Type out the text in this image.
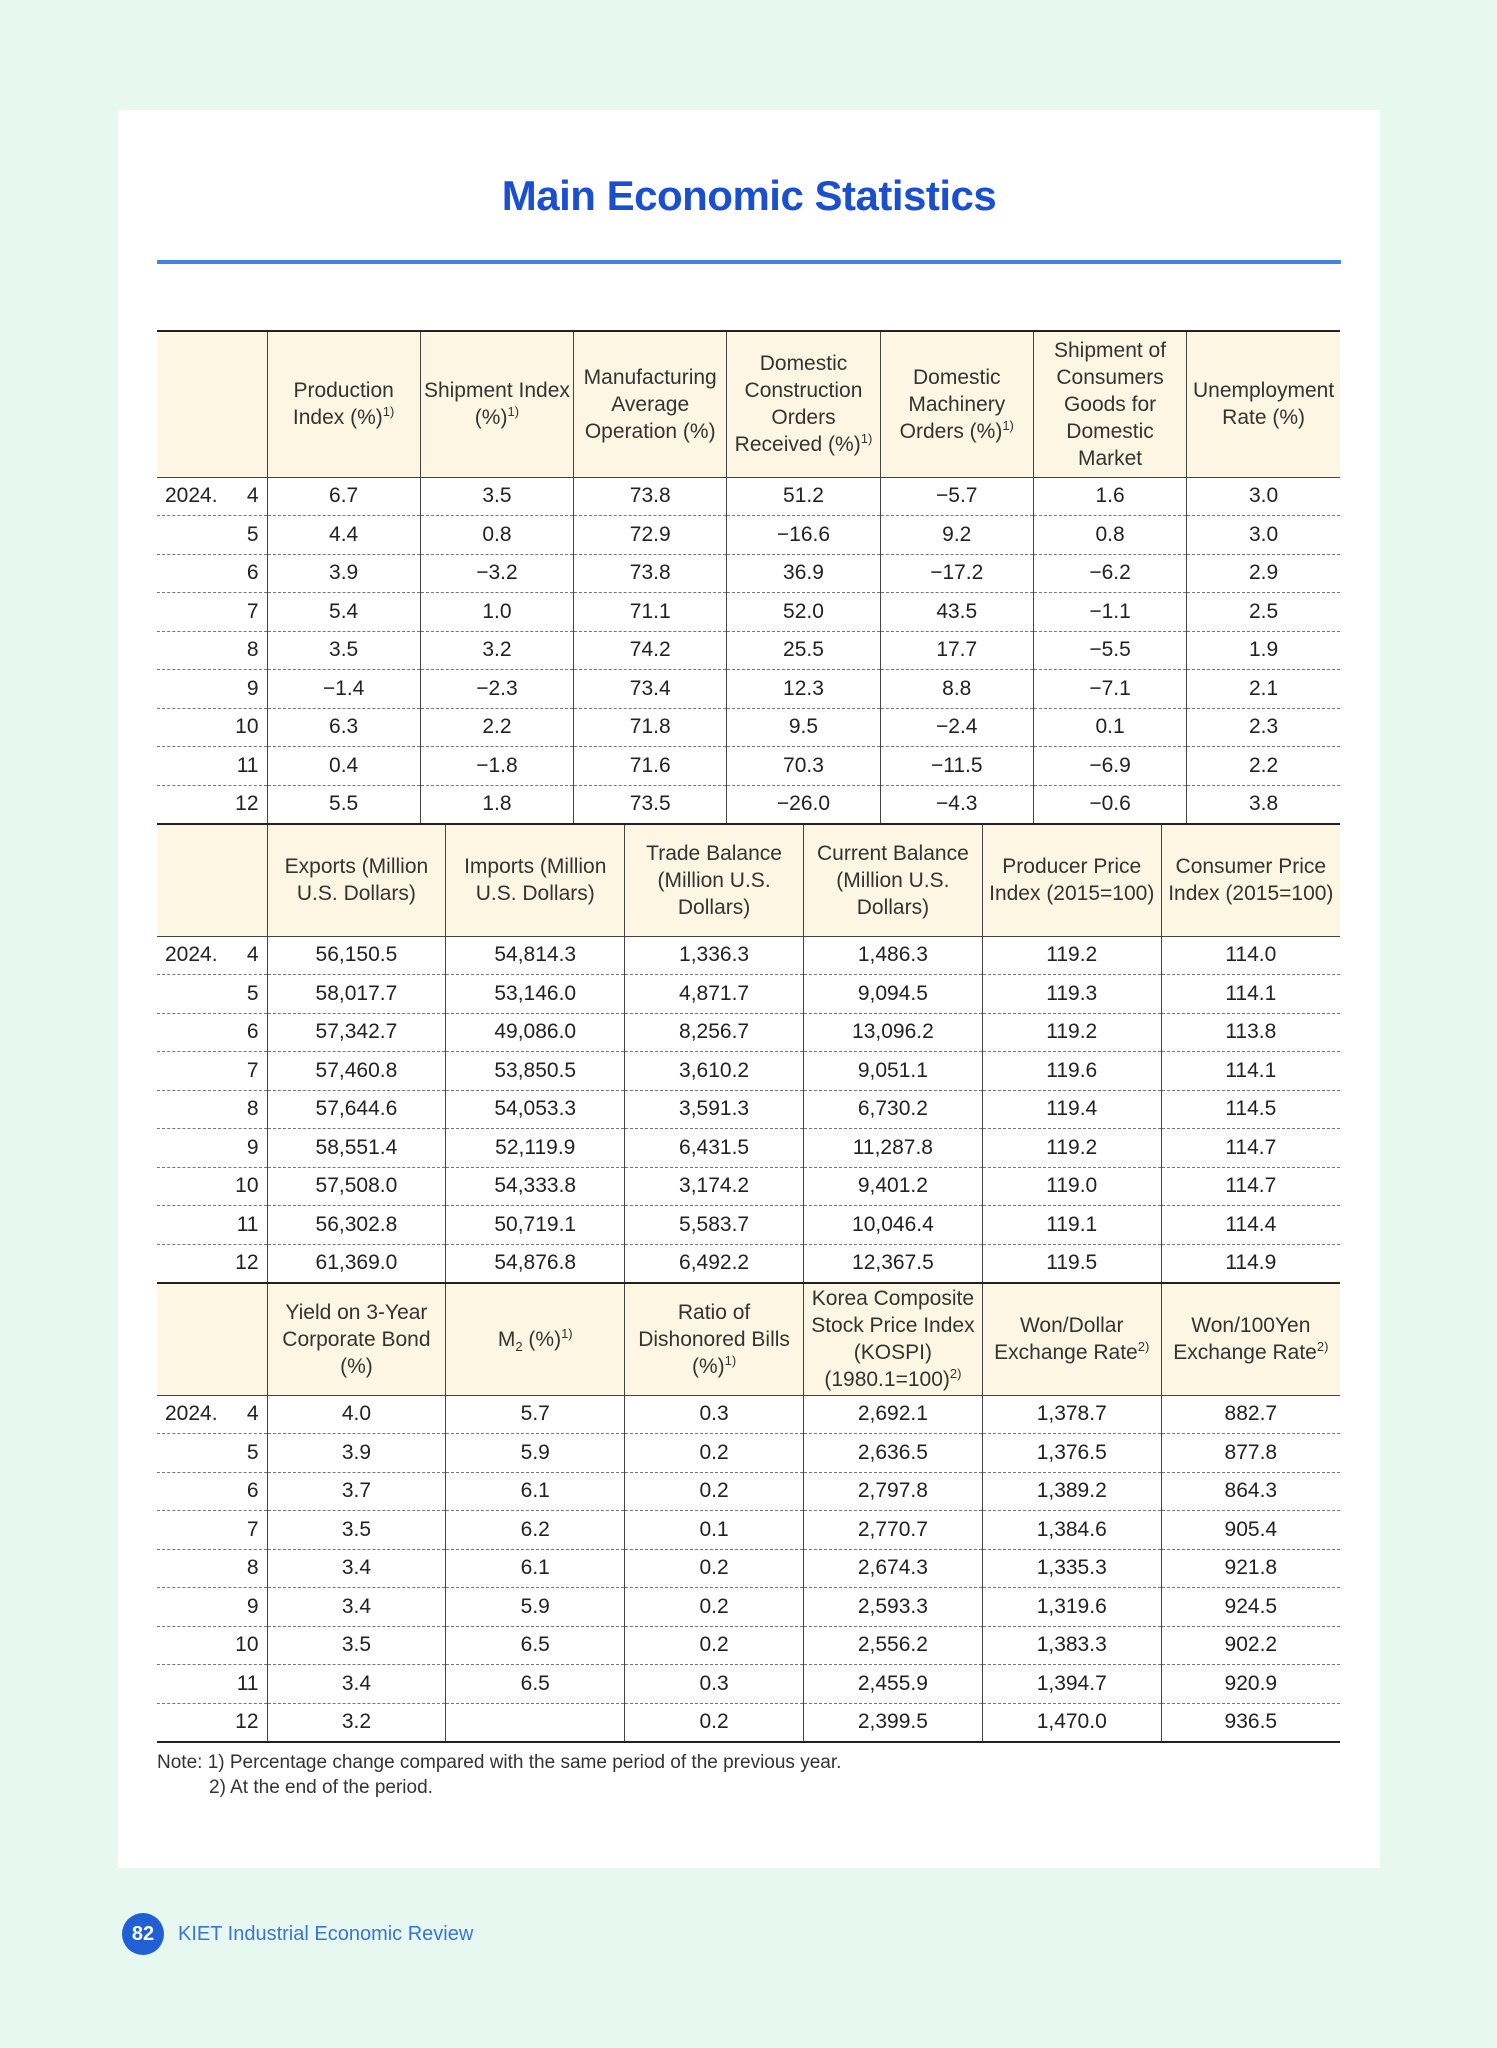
Main Economic Statistics
	Production Index (%)$^{1)}$	Shipment Index (%)$^{1)}$	Manufacturing Average Operation (%)	Domestic Construction Orders Received (%)$^{1)}$	Domestic Machinery Orders (%)$^{1)}$	Shipment of Consumers Goods for Domestic Market	Unemployment Rate (%)

2024. 4	6.7	3.5	73.8	51.2	−5.7	1.6	3.0

5	4.4	0.8	72.9	−16.6	9.2	0.8	3.0

6	3.9	−3.2	73.8	36.9	−17.2	−6.2	2.9

7	5.4	1.0	71.1	52.0	43.5	−1.1	2.5

8	3.5	3.2	74.2	25.5	17.7	−5.5	1.9

9	−1.4	−2.3	73.4	12.3	8.8	−7.1	2.1

10	6.3	2.2	71.8	9.5	−2.4	0.1	2.3

11	0.4	−1.8	71.6	70.3	−11.5	−6.9	2.2

12	5.5	1.8	73.5	−26.0	−4.3	−0.6	3.8
	Exports (Million U.S. Dollars)	Imports (Million U.S. Dollars)	Trade Balance (Million U.S. Dollars)	Current Balance (Million U.S. Dollars)	Producer Price Index (2015=100)	Consumer Price Index (2015=100)

2024. 4	56,150.5	54,814.3	1,336.3	1,486.3	119.2	114.0

5	58,017.7	53,146.0	4,871.7	9,094.5	119.3	114.1

6	57,342.7	49,086.0	8,256.7	13,096.2	119.2	113.8

7	57,460.8	53,850.5	3,610.2	9,051.1	119.6	114.1

8	57,644.6	54,053.3	3,591.3	6,730.2	119.4	114.5

9	58,551.4	52,119.9	6,431.5	11,287.8	119.2	114.7

10	57,508.0	54,333.8	3,174.2	9,401.2	119.0	114.7

11	56,302.8	50,719.1	5,583.7	10,046.4	119.1	114.4

12	61,369.0	54,876.8	6,492.2	12,367.5	119.5	114.9
	Yield on 3-Year Corporate Bond (%)	$M_2$ (%)$^{1)}$	Ratio of Dishonored Bills (%)$^{1)}$	Korea Composite Stock Price Index (KOSPI) (1980.1=100)$^{2)}$	Won/Dollar Exchange Rate$^{2)}$	Won/100Yen Exchange Rate$^{2)}$

2024. 4	4.0	5.7	0.3	2,692.1	1,378.7	882.7

5	3.9	5.9	0.2	2,636.5	1,376.5	877.8

6	3.7	6.1	0.2	2,797.8	1,389.2	864.3

7	3.5	6.2	0.1	2,770.7	1,384.6	905.4

8	3.4	6.1	0.2	2,674.3	1,335.3	921.8

9	3.4	5.9	0.2	2,593.3	1,319.6	924.5

10	3.5	6.5	0.2	2,556.2	1,383.3	902.2

11	3.4	6.5	0.3	2,455.9	1,394.7	920.9

12	3.2		0.2	2,399.5	1,470.0	936.5
Note: 1) Percentage change compared with the same period of the previous year.
2) At the end of the period.
82	KIET Industrial Economic Review
